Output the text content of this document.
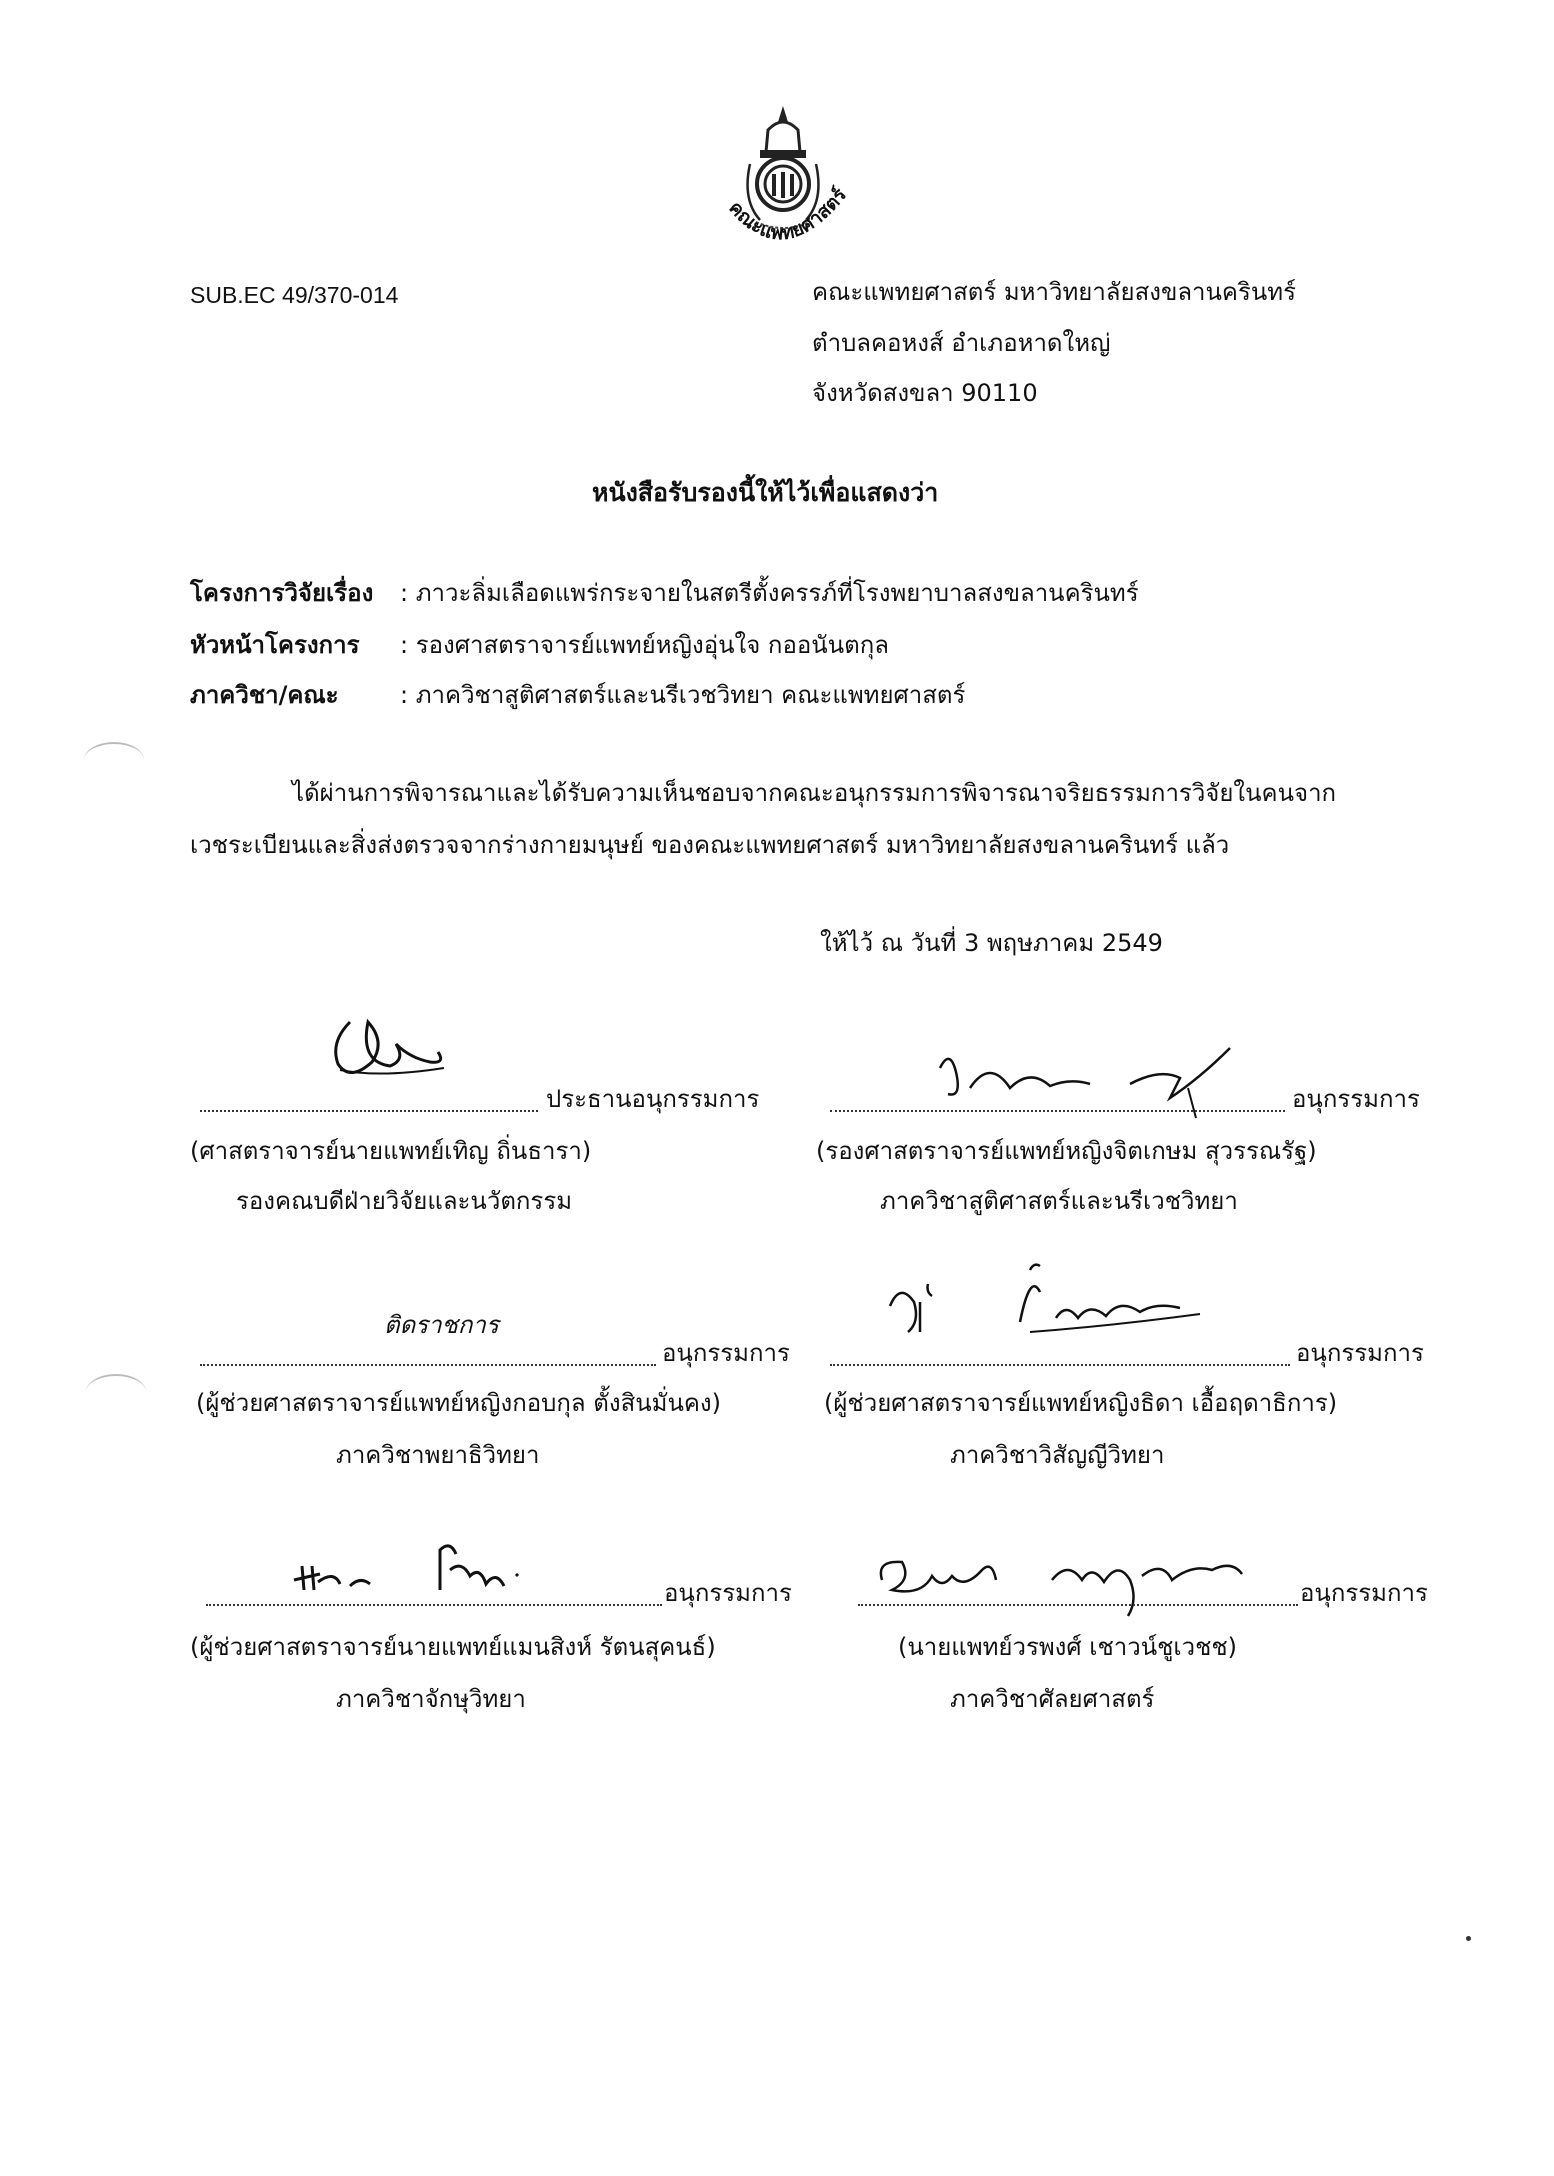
คณะแพทยศาสตร์
SUB.EC 49/370-014	คณะแพทยศาสตร์ มหาวิทยาลัยสงขลานครินทร์
ตำบลคอหงส์ อำเภอหาดใหญ่
จังหวัดสงขลา 90110
หนังสือรับรองนี้ให้ไว้เพื่อแสดงว่า
โครงการวิจัยเรื่อง : ภาวะลิ่มเลือดแพร่กระจายในสตรีตั้งครรภ์ที่โรงพยาบาลสงขลานครินทร์
หัวหน้าโครงการ : รองศาสตราจารย์แพทย์หญิงอุ่นใจ กออนันตกุล
ภาควิชา/คณะ	: ภาควิชาสูติศาสตร์และนรีเวชวิทยา คณะแพทยศาสตร์
ได้ผ่านการพิจารณาและได้รับความเห็นชอบจากคณะอนุกรรมการพิจารณาจริยธรรมการวิจัยในคนจาก
เวชระเบียนและสิ่งส่งตรวจจากร่างกายมนุษย์ ของคณะแพทยศาสตร์ มหาวิทยาลัยสงขลานครินทร์ แล้ว
ให้ไว้ ณ วันที่ 3 พฤษภาคม 2549
ประธานอนุกรรมการ
(ศาสตราจารย์นายแพทย์เทิญ ถิ่นธารา)
รองคณบดีฝ่ายวิจัยและนวัตกรรม
อนุกรรมการ
(รองศาสตราจารย์แพทย์หญิงจิตเกษม สุวรรณรัฐ)
ภาควิชาสูติศาสตร์และนรีเวชวิทยา
ติดราชการ
อนุกรรมการ
(ผู้ช่วยศาสตราจารย์แพทย์หญิงกอบกุล ตั้งสินมั่นคง)
ภาควิชาพยาธิวิทยา
อนุกรรมการ
(ผู้ช่วยศาสตราจารย์แพทย์หญิงธิดา เอื้อฤดาธิการ)
ภาควิชาวิสัญญีวิทยา
อนุกรรมการ
(ผู้ช่วยศาสตราจารย์นายแพทย์แมนสิงห์ รัตนสุคนธ์)
ภาควิชาจักษุวิทยา
อนุกรรมการ
(นายแพทย์วรพงศ์ เชาวน์ชูเวชช)
ภาควิชาศัลยศาสตร์
